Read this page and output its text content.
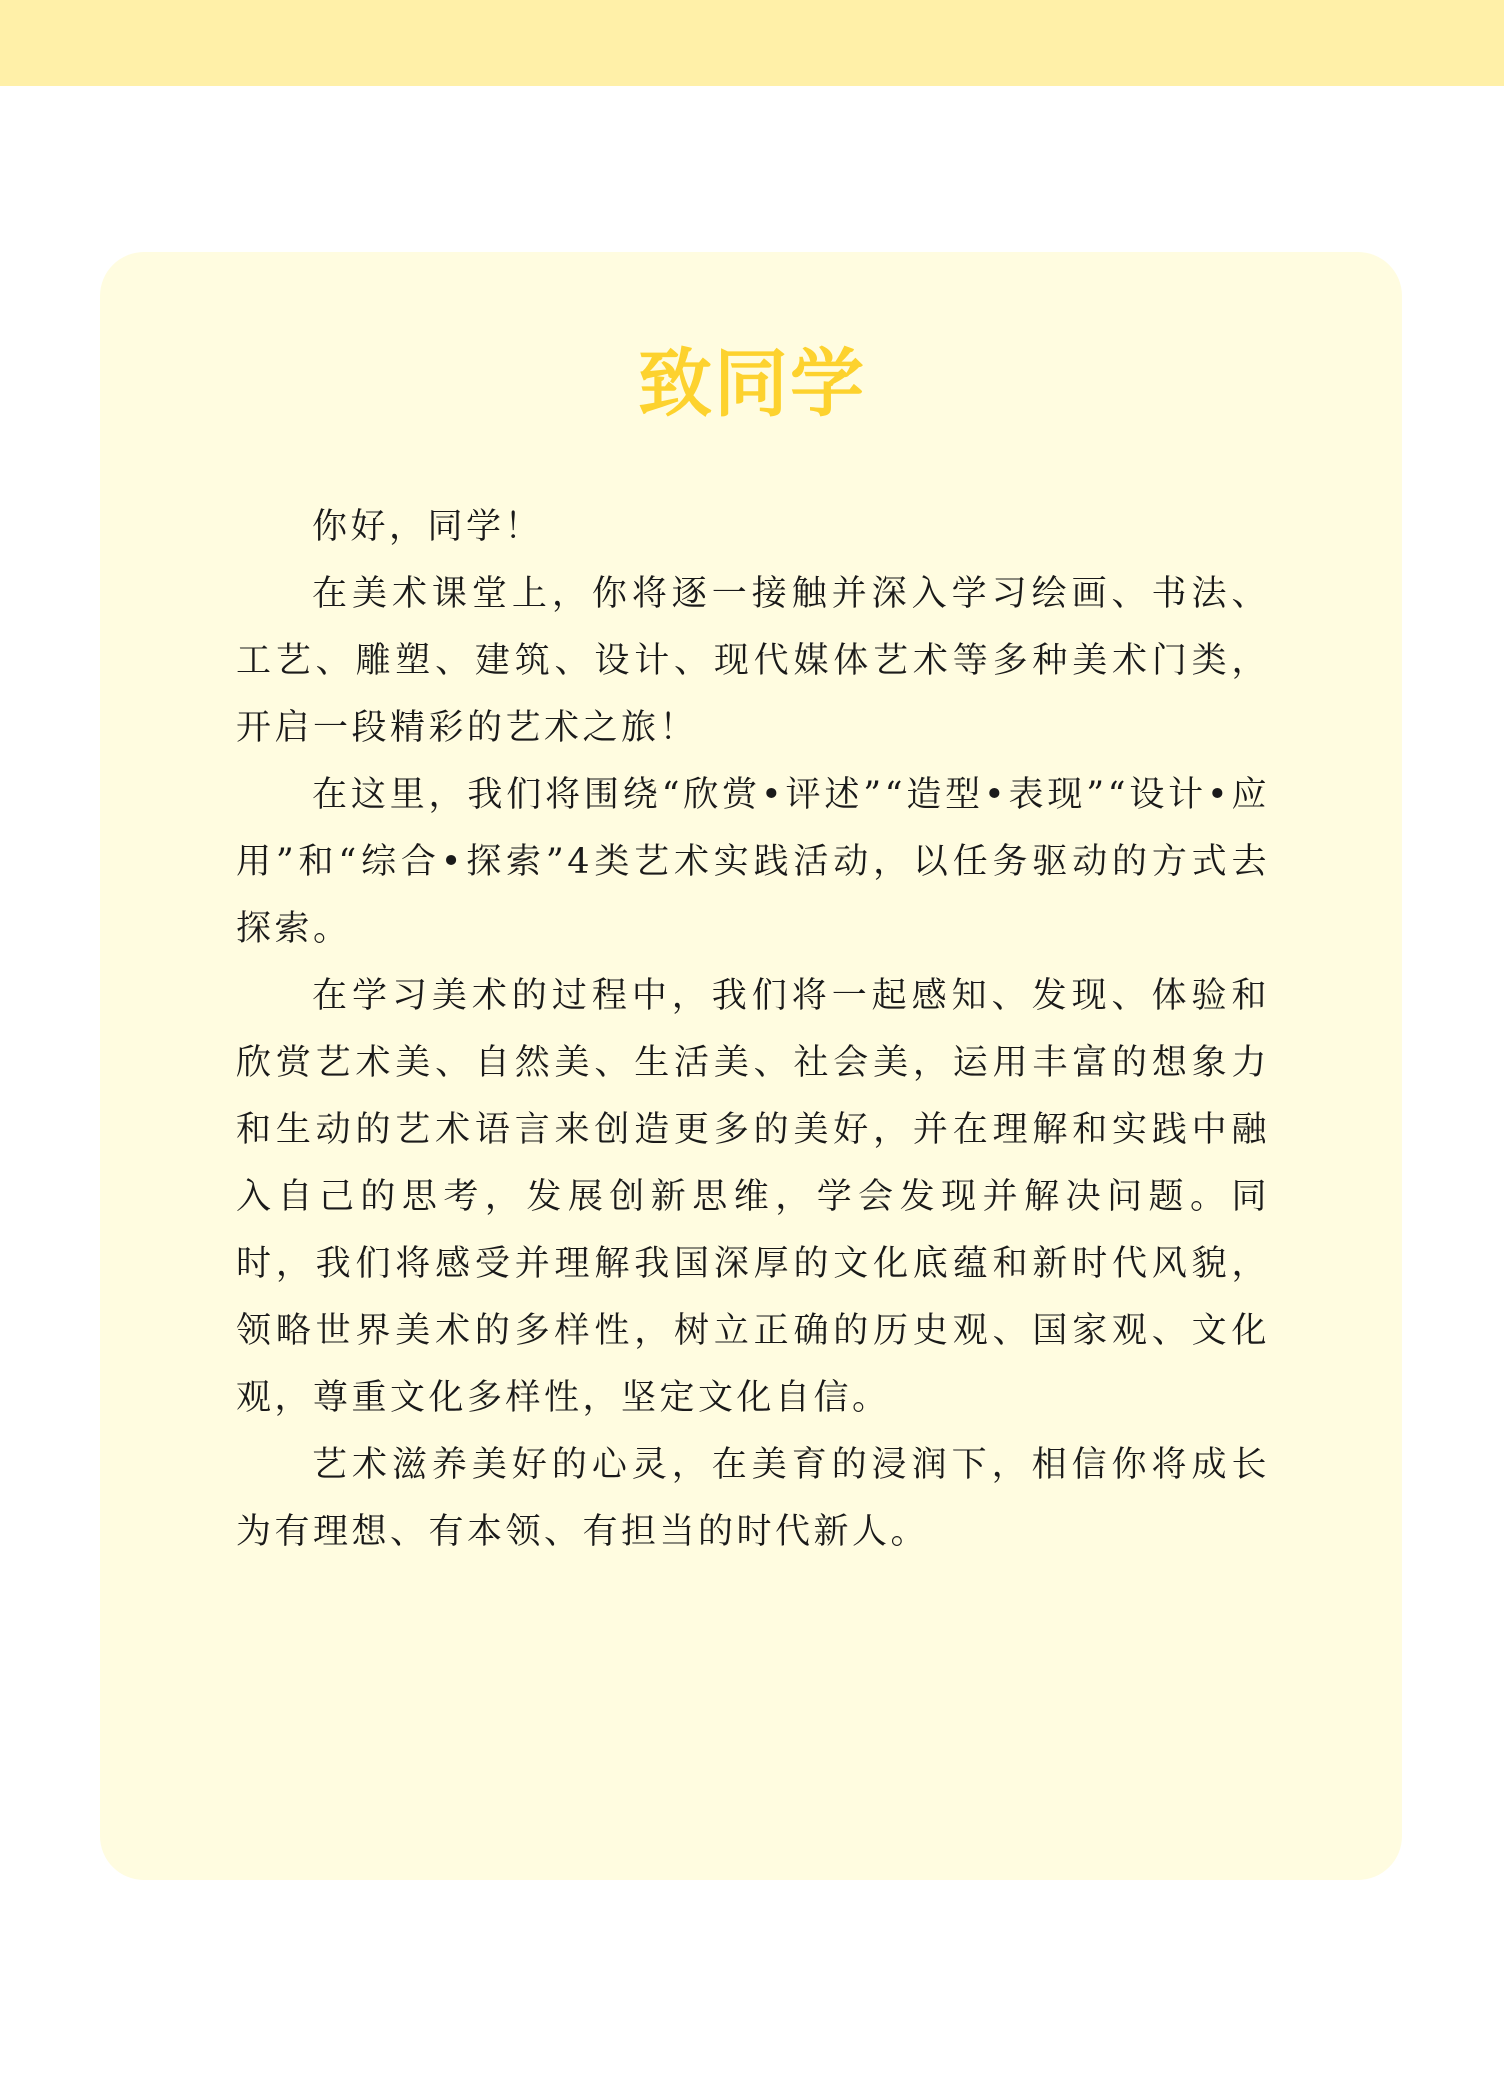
致同学

你好，同学！

在美术课堂上，你将逐一接触并深入学习绘画、书法、工艺、雕塑、建筑、设计、现代媒体艺术等多种美术门类，开启一段精彩的艺术之旅！

在这里，我们将围绕“欣赏•评述”“造型•表现”“设计•应用”和“综合•探索”4类艺术实践活动，以任务驱动的方式去探索。

在学习美术的过程中，我们将一起感知、发现、体验和欣赏艺术美、自然美、生活美、社会美，运用丰富的想象力和生动的艺术语言来创造更多的美好，并在理解和实践中融入自己的思考，发展创新思维，学会发现并解决问题。同时，我们将感受并理解我国深厚的文化底蕴和新时代风貌，领略世界美术的多样性，树立正确的历史观、国家观、文化观，尊重文化多样性，坚定文化自信。

艺术滋养美好的心灵，在美育的浸润下，相信你将成长为有理想、有本领、有担当的时代新人。
